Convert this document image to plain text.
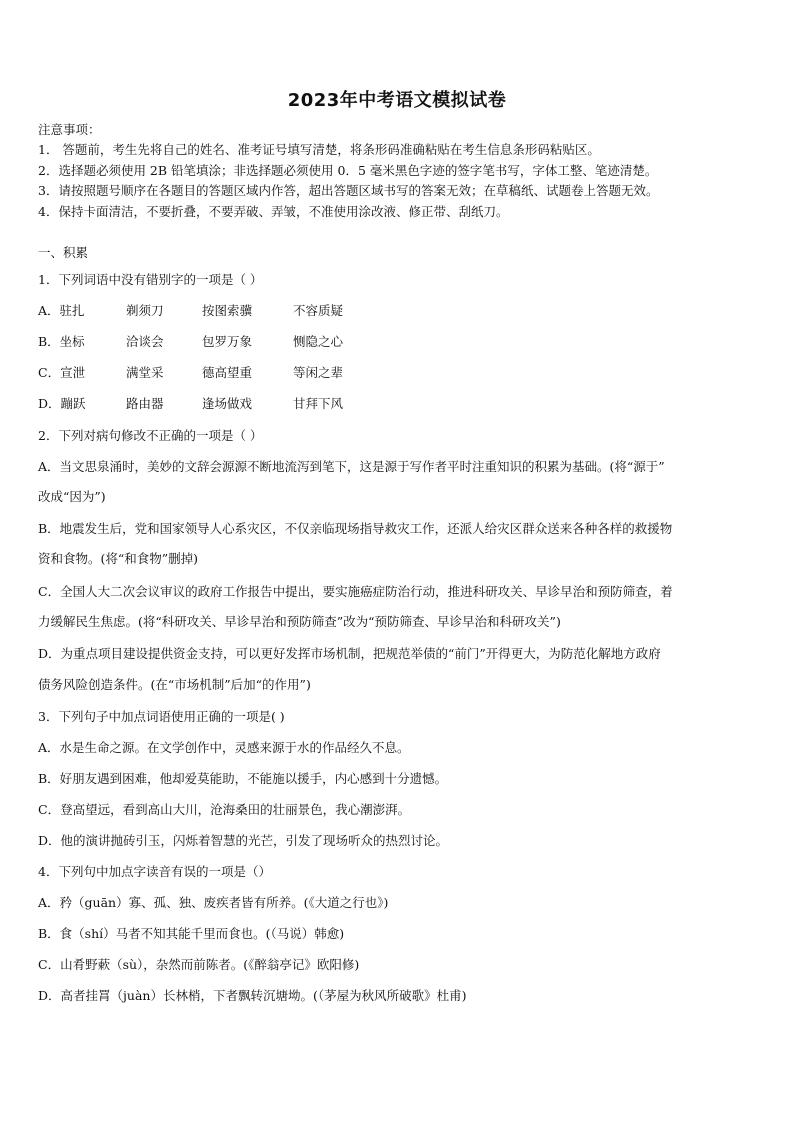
2023年中考语文模拟试卷
注意事项：
1． 答题前，考生先将自己的姓名、准考证号填写清楚，将条形码准确粘贴在考生信息条形码粘贴区。
2．选择题必须使用 2B 铅笔填涂；非选择题必须使用 0．5 毫米黑色字迹的签字笔书写，字体工整、笔迹清楚。
3．请按照题号顺序在各题目的答题区域内作答，超出答题区域书写的答案无效；在草稿纸、试题卷上答题无效。
4．保持卡面清洁，不要折叠，不要弄破、弄皱，不准使用涂改液、修正带、刮纸刀。
一、积累
1．下列词语中没有错别字的一项是（ ）
A．驻扎	剃须刀	按图索骥	不容质疑
B．坐标	洽谈会	包罗万象	恻隐之心
C．宣泄	满堂采	德高望重	等闲之辈
D．蹦跃	路由器	逢场做戏	甘拜下风
2．下列对病句修改不正确的一项是（ ）
A．当文思泉涌时，美妙的文辞会源源不断地流泻到笔下，这是源于写作者平时注重知识的积累为基础。(将“源于”
改成“因为”)
B．地震发生后，党和国家领导人心系灾区，不仅亲临现场指导救灾工作，还派人给灾区群众送来各种各样的救援物
资和食物。(将“和食物”删掉)
C．全国人大二次会议审议的政府工作报告中提出，要实施癌症防治行动，推进科研攻关、早诊早治和预防筛查，着
力缓解民生焦虑。(将“科研攻关、早诊早治和预防筛查”改为“预防筛查、早诊早治和科研攻关”)
D．为重点项目建设提供资金支持，可以更好发挥市场机制，把规范举债的“前门”开得更大，为防范化解地方政府
债务风险创造条件。(在“市场机制”后加“的作用”)
3．下列句子中加点词语使用正确的一项是( )
A．水是生命之源。在文学创作中，灵感来源于水的作品经久不息。
B．好朋友遇到困难，他却爱莫能助，不能施以援手，内心感到十分遗憾。
C．登高望远，看到高山大川，沧海桑田的壮丽景色，我心潮澎湃。
D．他的演讲抛砖引玉，闪烁着智慧的光芒，引发了现场听众的热烈讨论。
4．下列句中加点字读音有误的一项是（）
A．矜（guān）寡、孤、独、废疾者皆有所养。(《大道之行也》)
B．食（shí）马者不知其能千里而食也。(（马说）韩愈)
C．山肴野蔌（sù），杂然而前陈者。(《醉翁亭记》欧阳修)
D．高者挂罥（juàn）长林梢，下者飘转沉塘坳。(（茅屋为秋风所破歌》杜甫)
